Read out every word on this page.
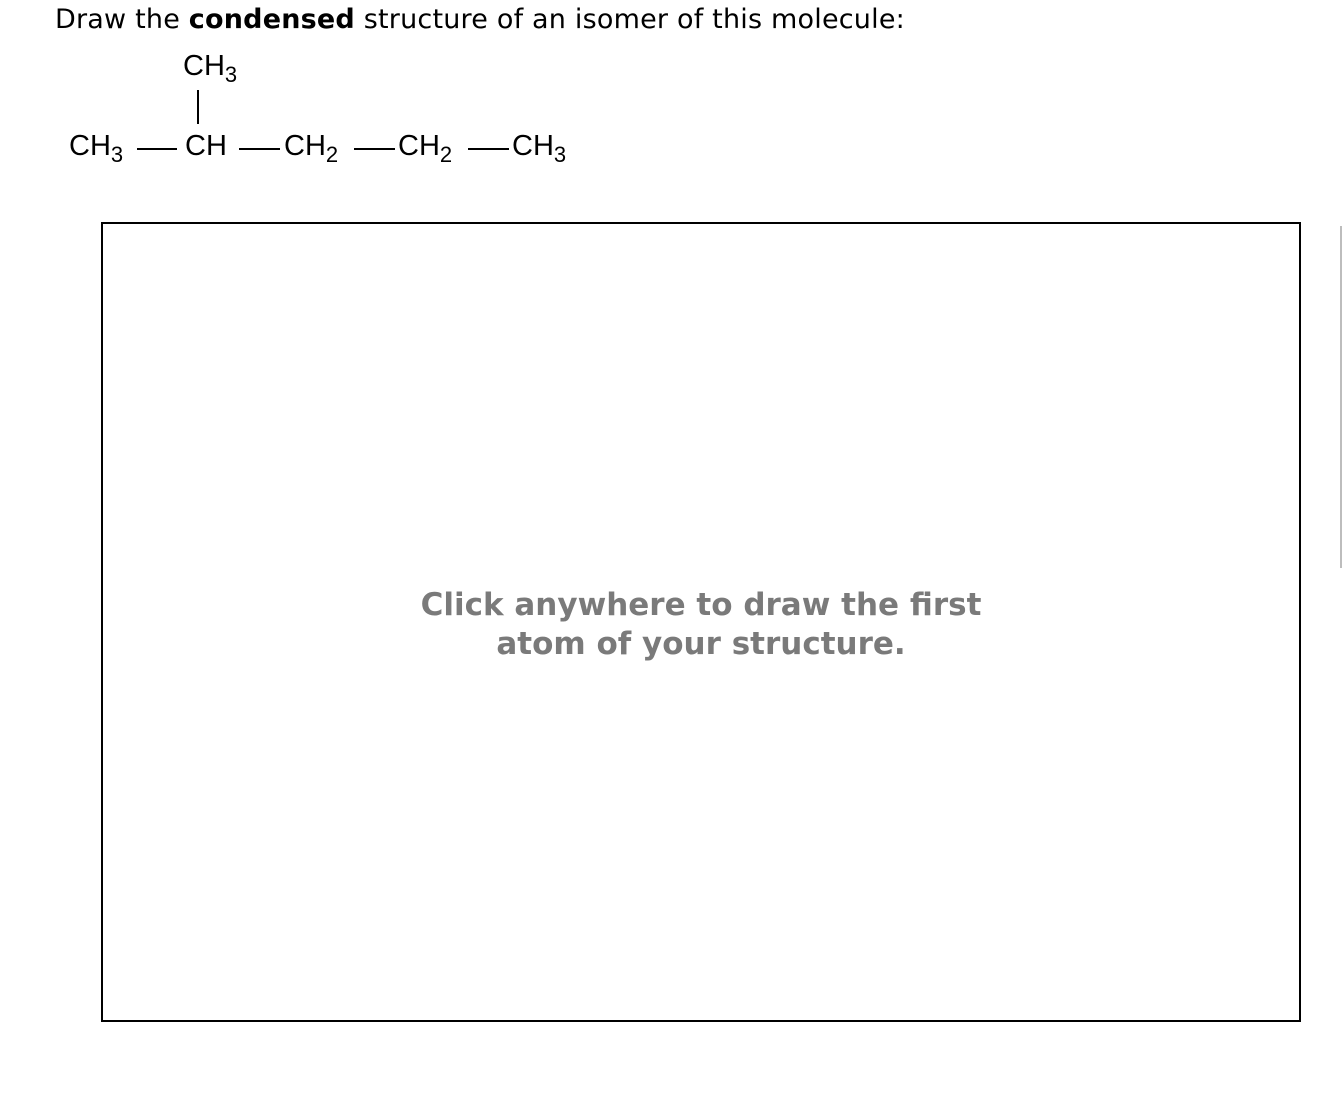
Draw the condensed structure of an isomer of this molecule:
$CH_3$
$CH_3$ CH $CH_2$ $CH_2$ $CH_3$
Click anywhere to draw the first
atom of your structure.
